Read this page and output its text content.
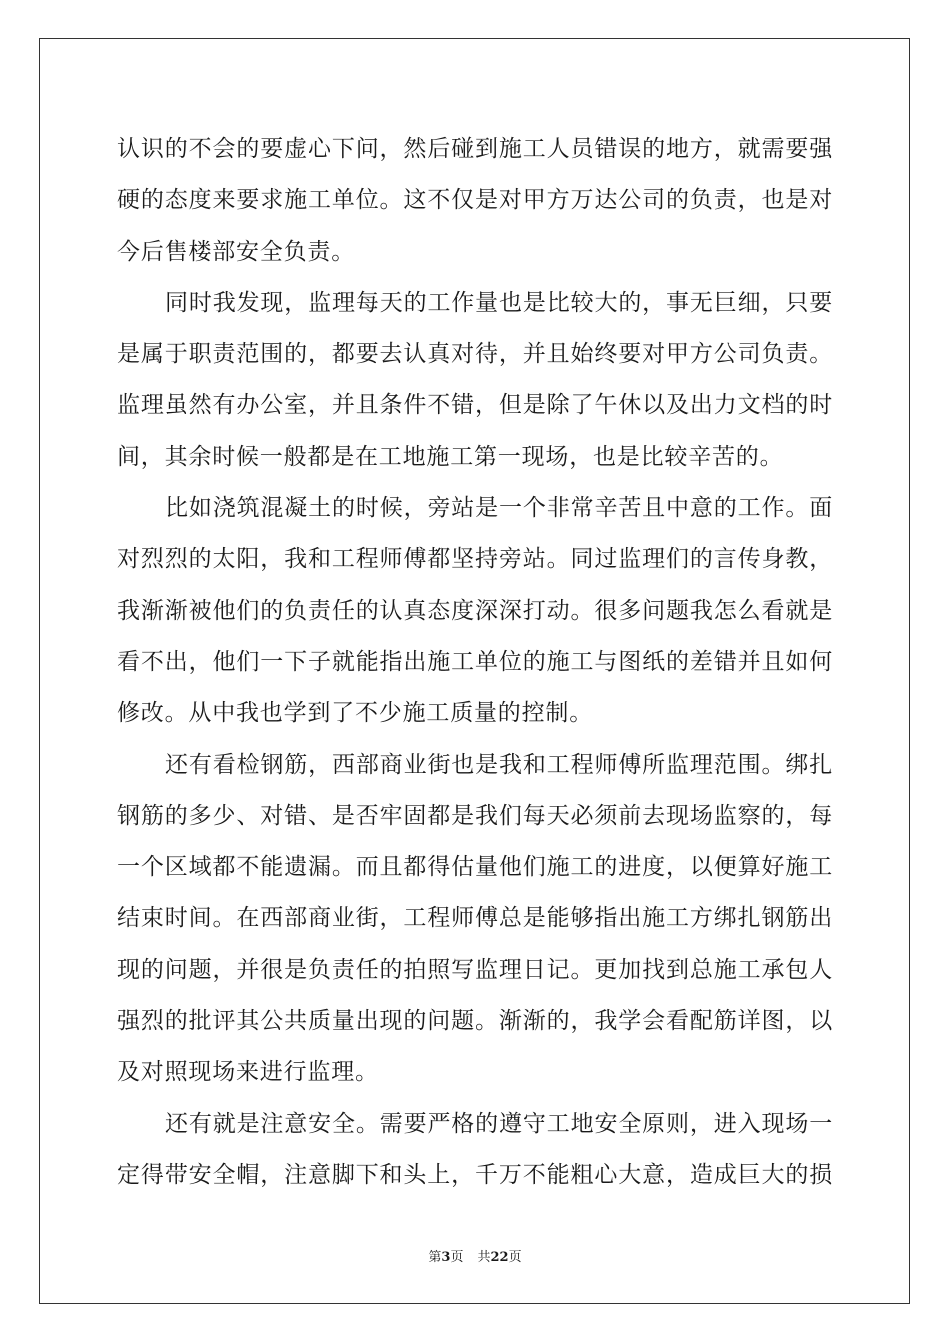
认识的不会的要虚心下问，然后碰到施工人员错误的地方，就需要强
硬的态度来要求施工单位。这不仅是对甲方万达公司的负责，也是对
今后售楼部安全负责。
同时我发现，监理每天的工作量也是比较大的，事无巨细，只要
是属于职责范围的，都要去认真对待，并且始终要对甲方公司负责。
监理虽然有办公室，并且条件不错，但是除了午休以及出力文档的时
间，其余时候一般都是在工地施工第一现场，也是比较辛苦的。
比如浇筑混凝土的时候，旁站是一个非常辛苦且中意的工作。面
对烈烈的太阳，我和工程师傅都坚持旁站。同过监理们的言传身教，
我渐渐被他们的负责任的认真态度深深打动。很多问题我怎么看就是
看不出，他们一下子就能指出施工单位的施工与图纸的差错并且如何
修改。从中我也学到了不少施工质量的控制。
还有看检钢筋，西部商业街也是我和工程师傅所监理范围。绑扎
钢筋的多少、对错、是否牢固都是我们每天必须前去现场监察的，每
一个区域都不能遗漏。而且都得估量他们施工的进度，以便算好施工
结束时间。在西部商业街，工程师傅总是能够指出施工方绑扎钢筋出
现的问题，并很是负责任的拍照写监理日记。更加找到总施工承包人
强烈的批评其公共质量出现的问题。渐渐的，我学会看配筋详图，以
及对照现场来进行监理。
还有就是注意安全。需要严格的遵守工地安全原则，进入现场一
定得带安全帽，注意脚下和头上，千万不能粗心大意，造成巨大的损
第3页 共22页
